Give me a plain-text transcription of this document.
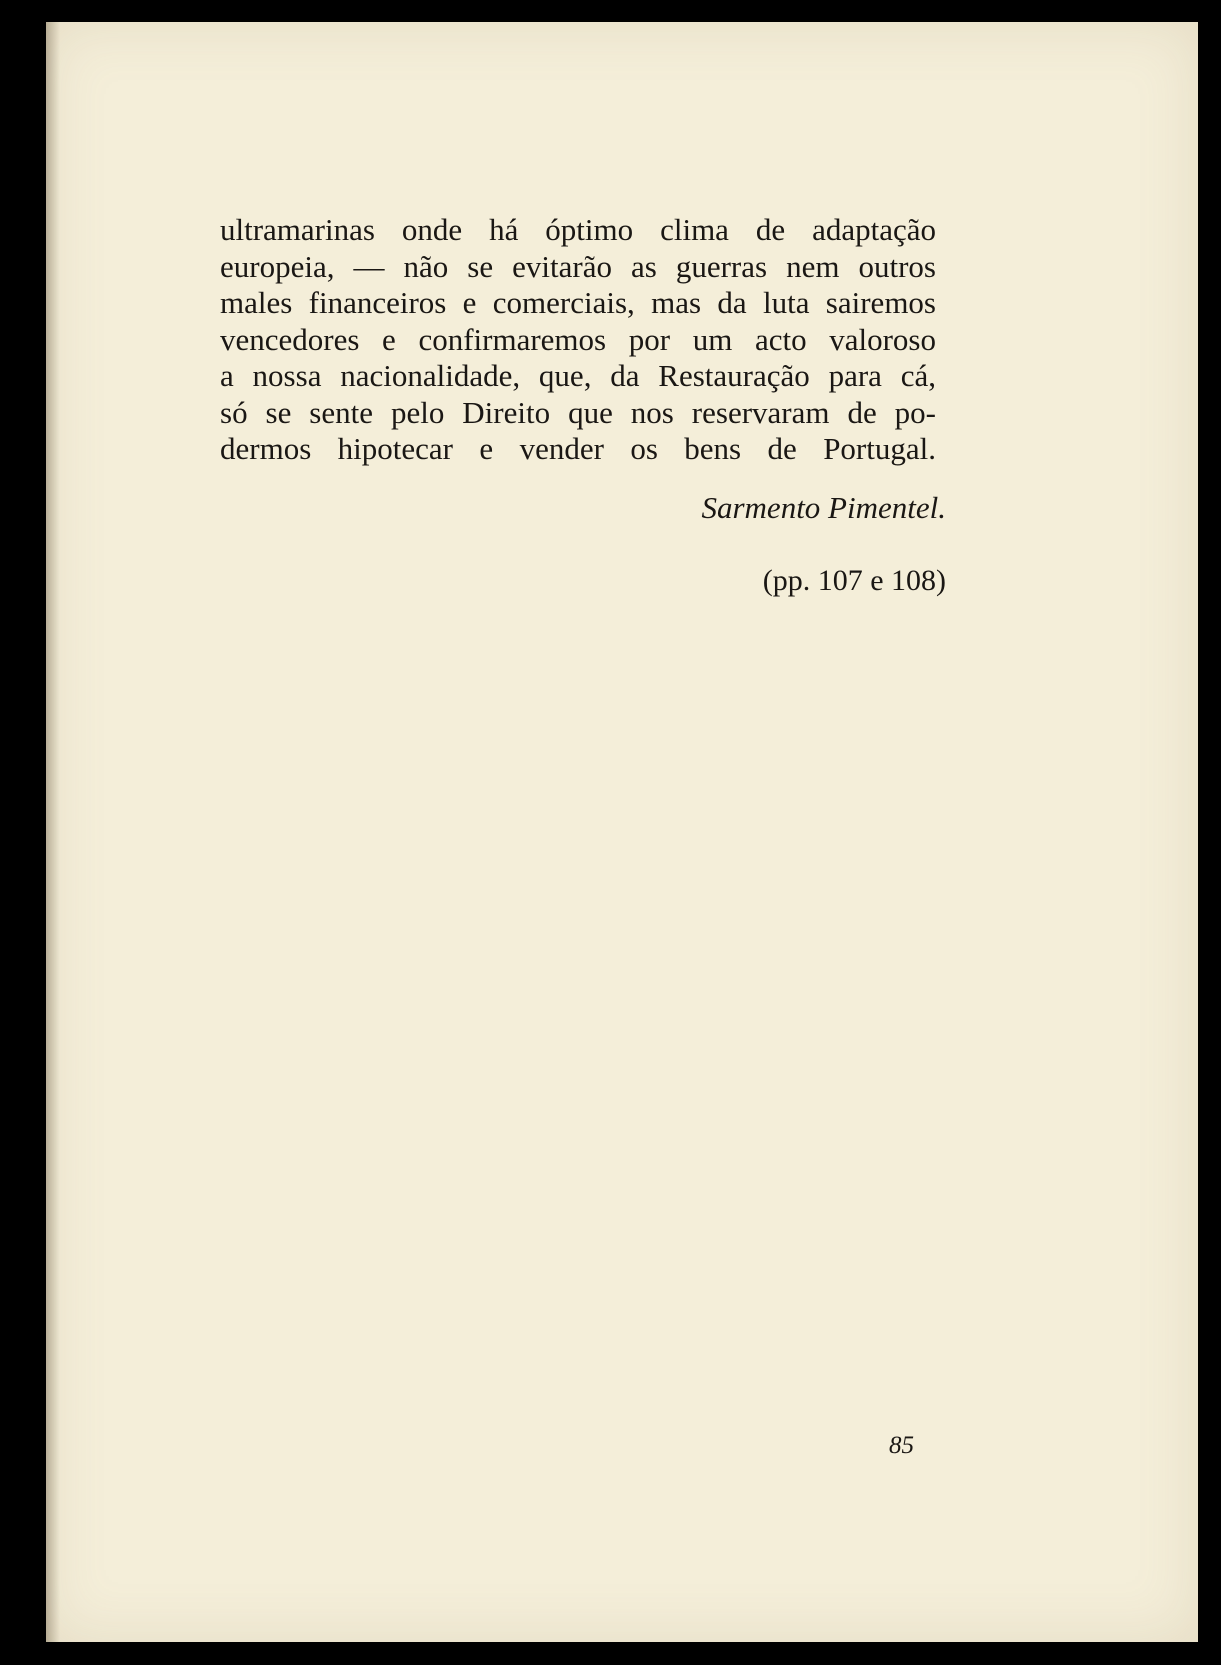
ultramarinas onde há óptimo clima de adaptação
europeia, — não se evitarão as guerras nem outros
males financeiros e comerciais, mas da luta sairemos
vencedores e confirmaremos por um acto valoroso
a nossa nacionalidade, que, da Restauração para cá,
só se sente pelo Direito que nos reservaram de po-
dermos hipotecar e vender os bens de Portugal.

Sarmento Pimentel.

(pp. 107 e 108)

85
